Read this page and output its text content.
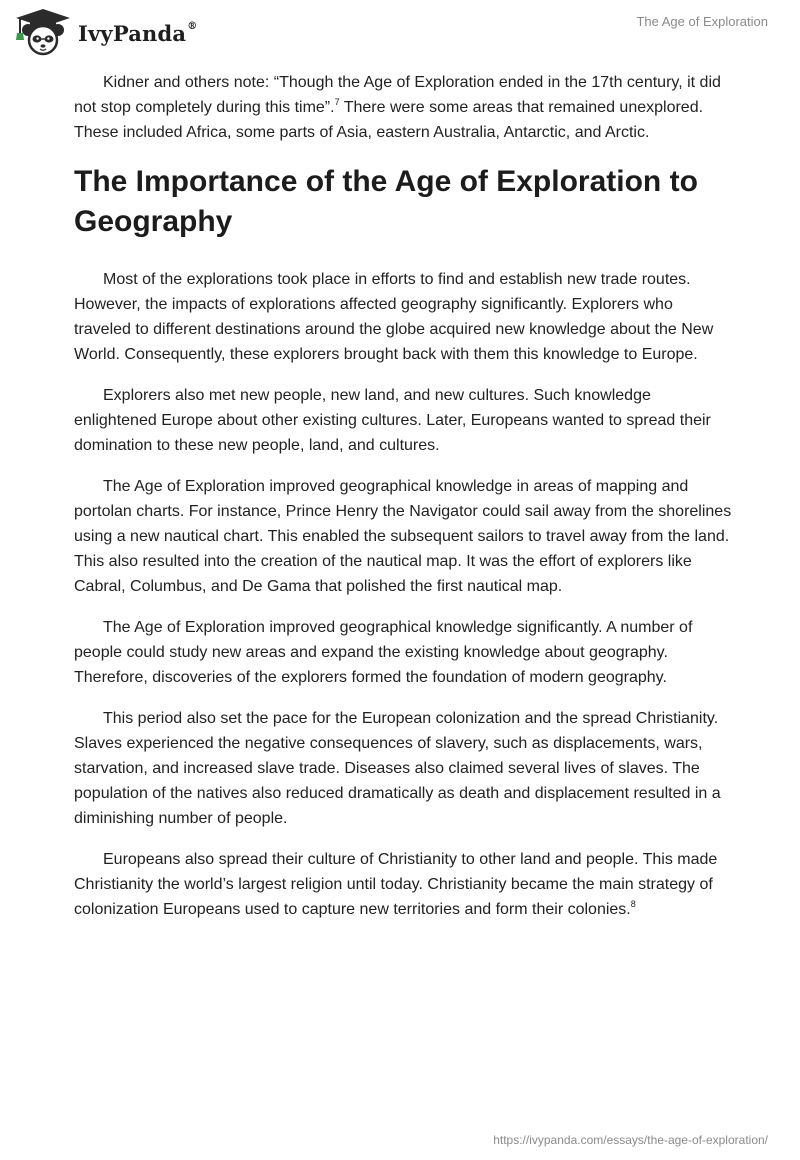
IvyPanda®	The Age of Exploration

Kidner and others note: “Though the Age of Exploration ended in the 17th century, it did not stop completely during this time”.$^7$ There were some areas that remained unexplored. These included Africa, some parts of Asia, eastern Australia, Antarctic, and Arctic.

The Importance of the Age of Exploration to Geography

Most of the explorations took place in efforts to find and establish new trade routes. However, the impacts of explorations affected geography significantly. Explorers who traveled to different destinations around the globe acquired new knowledge about the New World. Consequently, these explorers brought back with them this knowledge to Europe.

Explorers also met new people, new land, and new cultures. Such knowledge enlightened Europe about other existing cultures. Later, Europeans wanted to spread their domination to these new people, land, and cultures.

The Age of Exploration improved geographical knowledge in areas of mapping and portolan charts. For instance, Prince Henry the Navigator could sail away from the shorelines using a new nautical chart. This enabled the subsequent sailors to travel away from the land. This also resulted into the creation of the nautical map. It was the effort of explorers like Cabral, Columbus, and De Gama that polished the first nautical map.

The Age of Exploration improved geographical knowledge significantly. A number of people could study new areas and expand the existing knowledge about geography. Therefore, discoveries of the explorers formed the foundation of modern geography.

This period also set the pace for the European colonization and the spread Christianity. Slaves experienced the negative consequences of slavery, such as displacements, wars, starvation, and increased slave trade. Diseases also claimed several lives of slaves. The population of the natives also reduced dramatically as death and displacement resulted in a diminishing number of people.

Europeans also spread their culture of Christianity to other land and people. This made Christianity the world’s largest religion until today. Christianity became the main strategy of colonization Europeans used to capture new territories and form their colonies.$^8$

https://ivypanda.com/essays/the-age-of-exploration/
